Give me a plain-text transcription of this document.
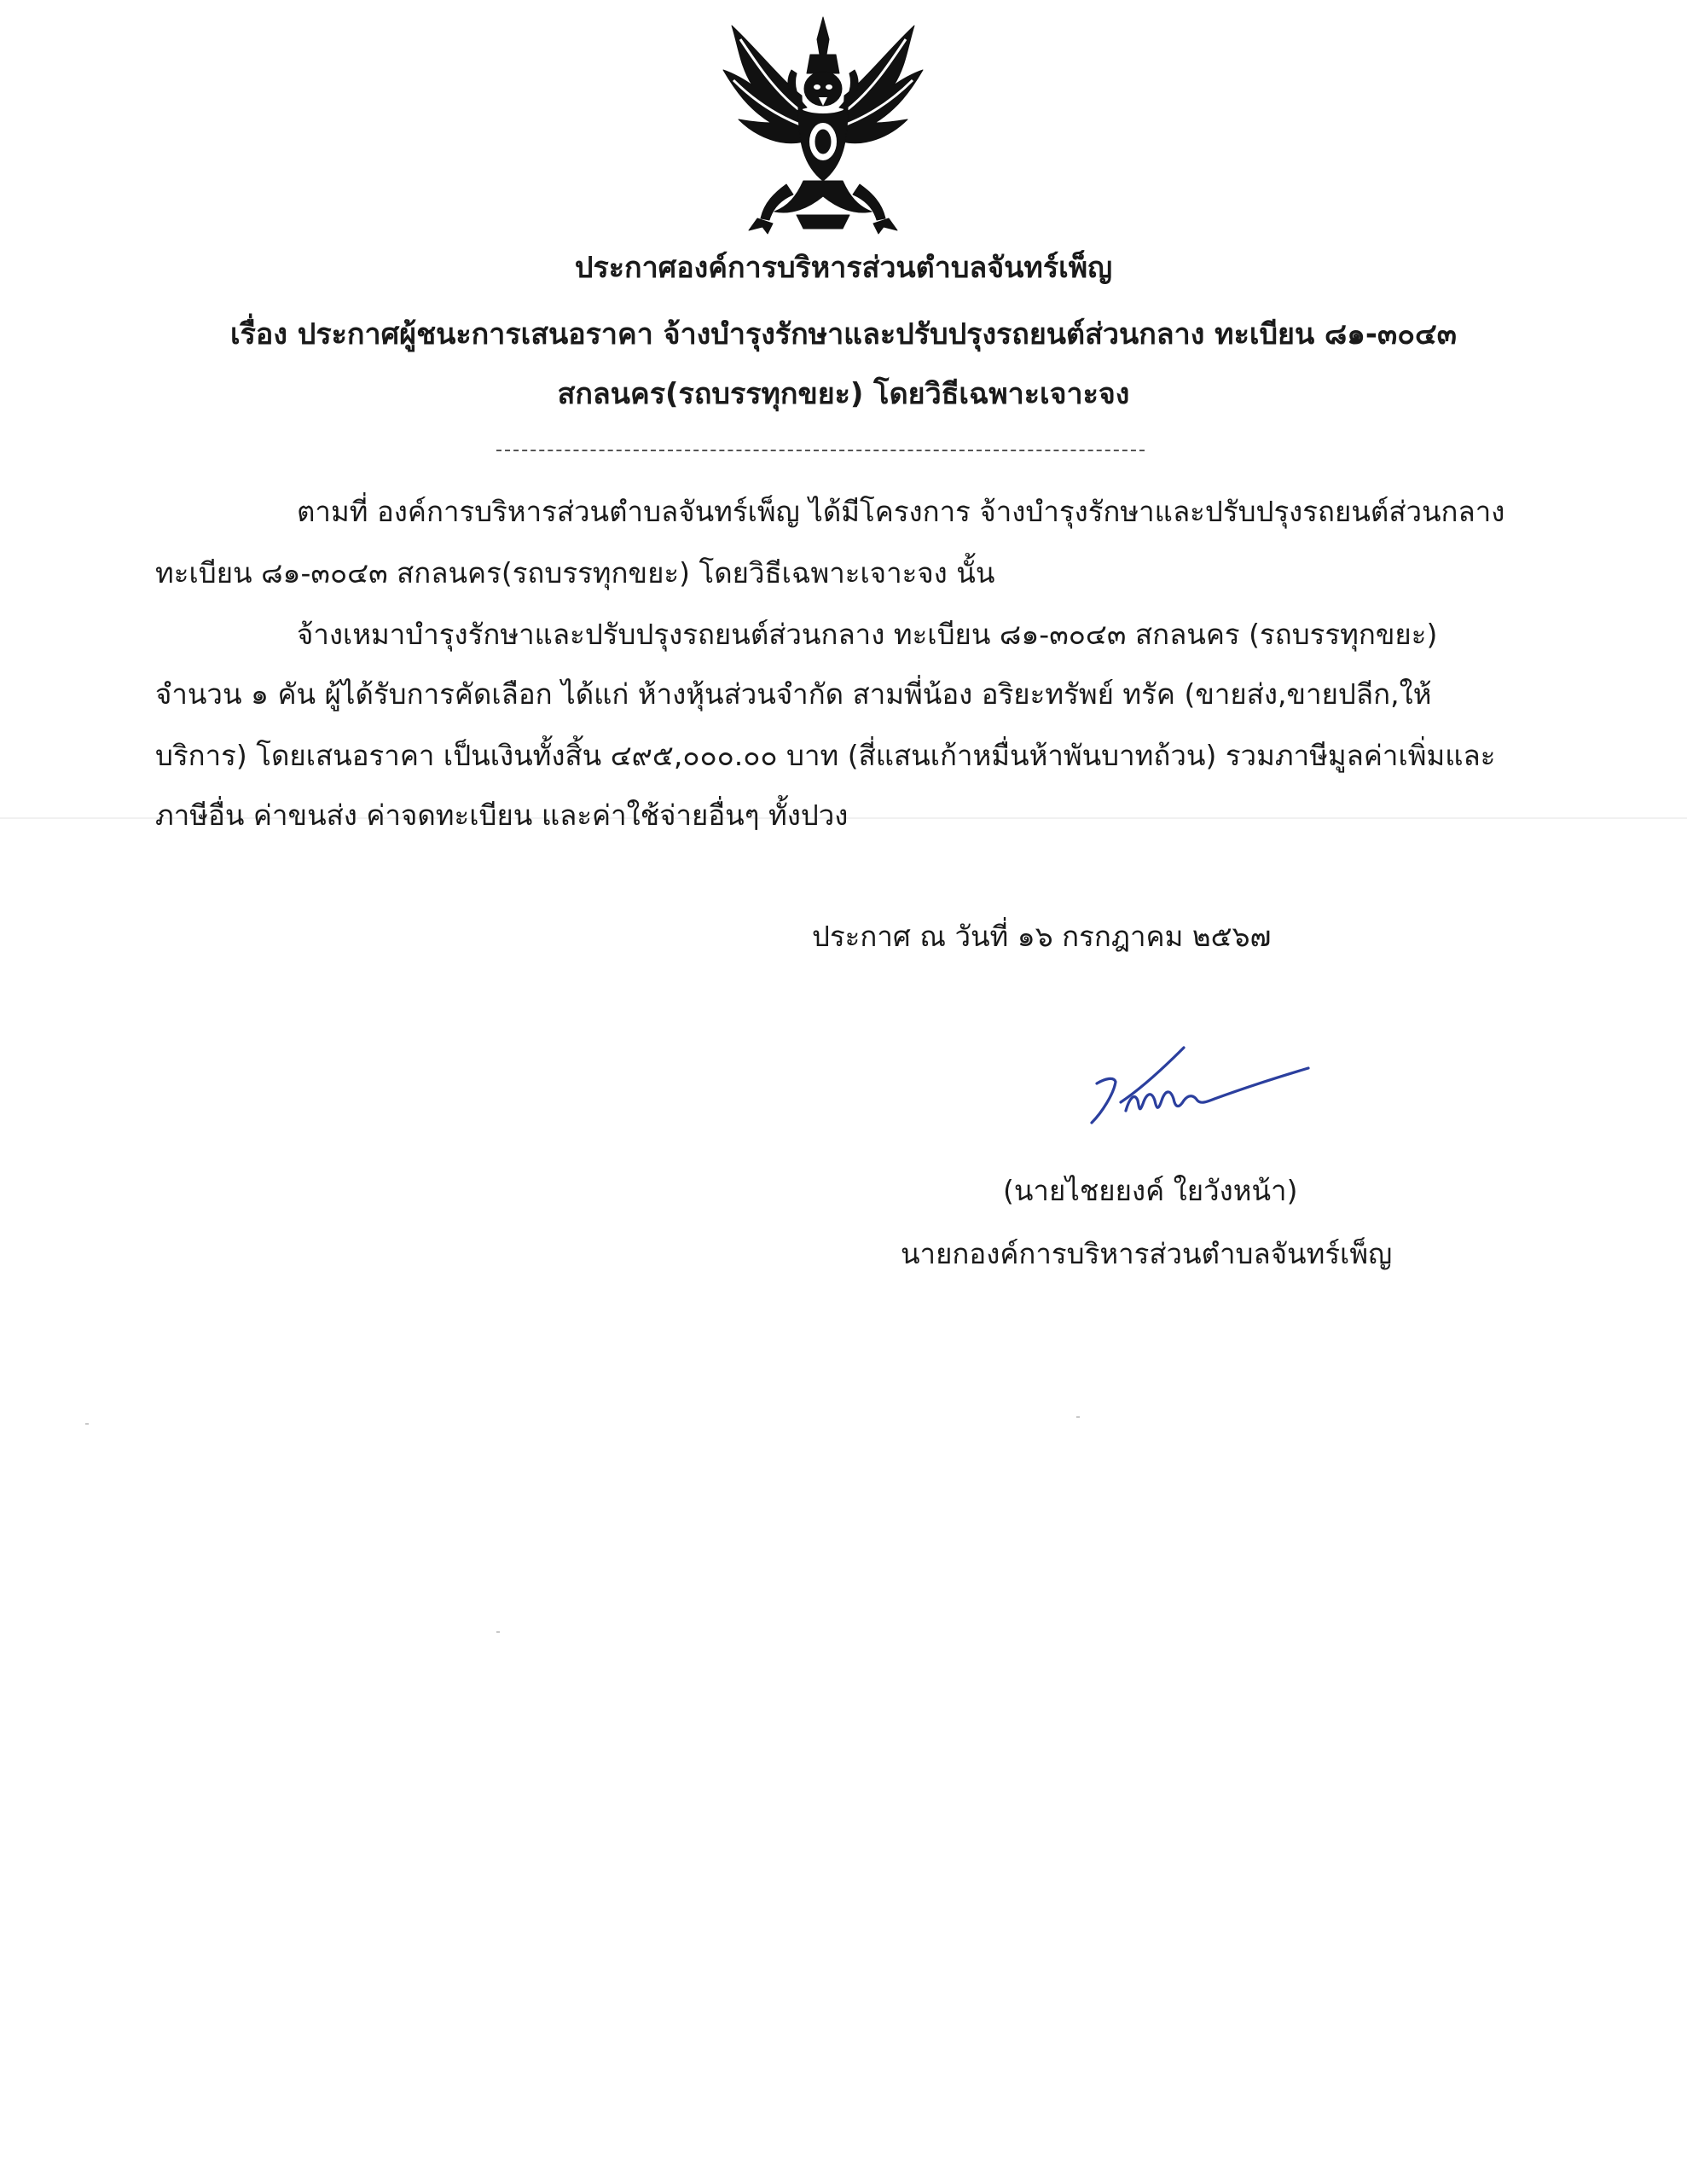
ประกาศองค์การบริหารส่วนตำบลจันทร์เพ็ญ
เรื่อง ประกาศผู้ชนะการเสนอราคา จ้างบำรุงรักษาและปรับปรุงรถยนต์ส่วนกลาง ทะเบียน ๘๑-๓๐๔๓
สกลนคร(รถบรรทุกขยะ) โดยวิธีเฉพาะเจาะจง
ตามที่ องค์การบริหารส่วนตำบลจันทร์เพ็ญ ได้มีโครงการ จ้างบำรุงรักษาและปรับปรุงรถยนต์ส่วนกลาง
ทะเบียน ๘๑-๓๐๔๓ สกลนคร(รถบรรทุกขยะ) โดยวิธีเฉพาะเจาะจง นั้น
จ้างเหมาบำรุงรักษาและปรับปรุงรถยนต์ส่วนกลาง ทะเบียน ๘๑-๓๐๔๓ สกลนคร (รถบรรทุกขยะ)
จำนวน ๑ คัน ผู้ได้รับการคัดเลือก ได้แก่ ห้างหุ้นส่วนจำกัด สามพี่น้อง อริยะทรัพย์ ทรัค (ขายส่ง,ขายปลีก,ให้
บริการ) โดยเสนอราคา เป็นเงินทั้งสิ้น ๔๙๕,๐๐๐.๐๐ บาท (สี่แสนเก้าหมื่นห้าพันบาทถ้วน) รวมภาษีมูลค่าเพิ่มและ
ภาษีอื่น ค่าขนส่ง ค่าจดทะเบียน และค่าใช้จ่ายอื่นๆ ทั้งปวง
ประกาศ ณ วันที่ ๑๖ กรกฎาคม ๒๕๖๗
(นายไชยยงค์ ใยวังหน้า)
นายกองค์การบริหารส่วนตำบลจันทร์เพ็ญ
